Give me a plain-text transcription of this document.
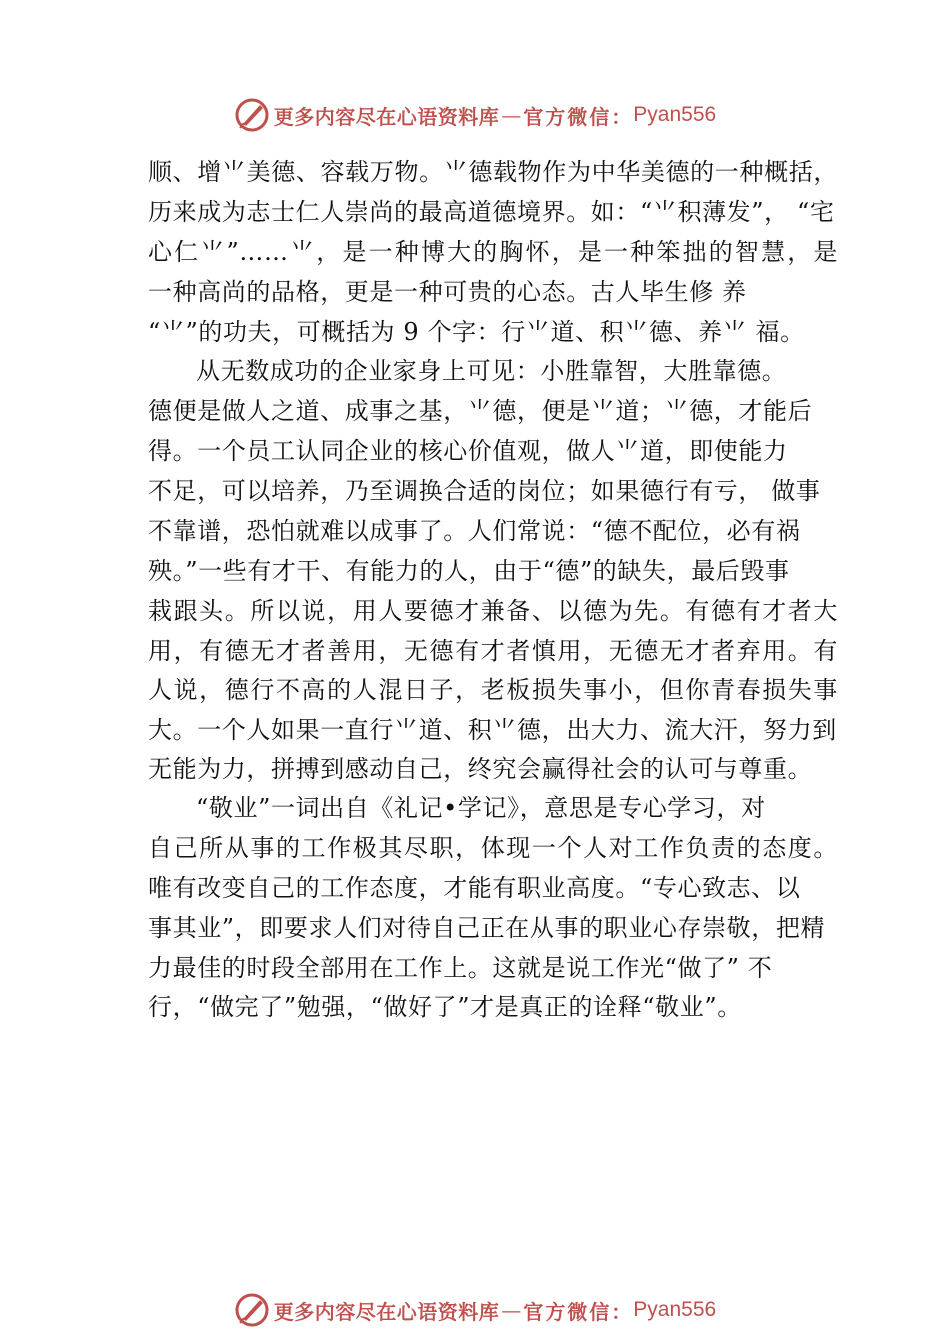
更多内容尽在心语资料库 — 官方微信： Pyan556
顺、增⺌美德、容载万物。⺌德载物作为中华美德的一种概括，
历来成为志士仁人崇尚的最高道德境界。如：“⺌积薄发”， “宅
心仁⺌”……⺌，是一种博大的胸怀，是一种笨拙的智慧，是
一种高尚的品格，更是一种可贵的心态。古人毕生修 养
“⺌”的功夫，可概括为 9 个字：行⺌道、积⺌德、养⺌ 福。
从无数成功的企业家身上可见：小胜靠智，大胜靠德。
德便是做人之道、成事之基，⺌德，便是⺌道；⺌德，才能后
得。一个员工认同企业的核心价值观，做人⺌道，即使能力
不足，可以培养，乃至调换合适的岗位；如果德行有亏， 做事
不靠谱，恐怕就难以成事了。人们常说：“德不配位，必有祸
殃。”一些有才干、有能力的人，由于“德”的缺失，最后毁事
栽跟头。所以说，用人要德才兼备、以德为先。有德有才者大
用，有德无才者善用，无德有才者慎用，无德无才者弃用。有
人说，德行不高的人混日子，老板损失事小，但你青春损失事
大。一个人如果一直行⺌道、积⺌德，出大力、流大汗，努力到
无能为力，拼搏到感动自己，终究会赢得社会的认可与尊重。
“敬业”一词出自《礼记•学记》，意思是专心学习，对
自己所从事的工作极其尽职，体现一个人对工作负责的态度。
唯有改变自己的工作态度，才能有职业高度。“专心致志、以
事其业”，即要求人们对待自己正在从事的职业心存崇敬，把精
力最佳的时段全部用在工作上。这就是说工作光“做了” 不
行，“做完了”勉强，“做好了”才是真正的诠释“敬业”。
更多内容尽在心语资料库 — 官方微信： Pyan556
